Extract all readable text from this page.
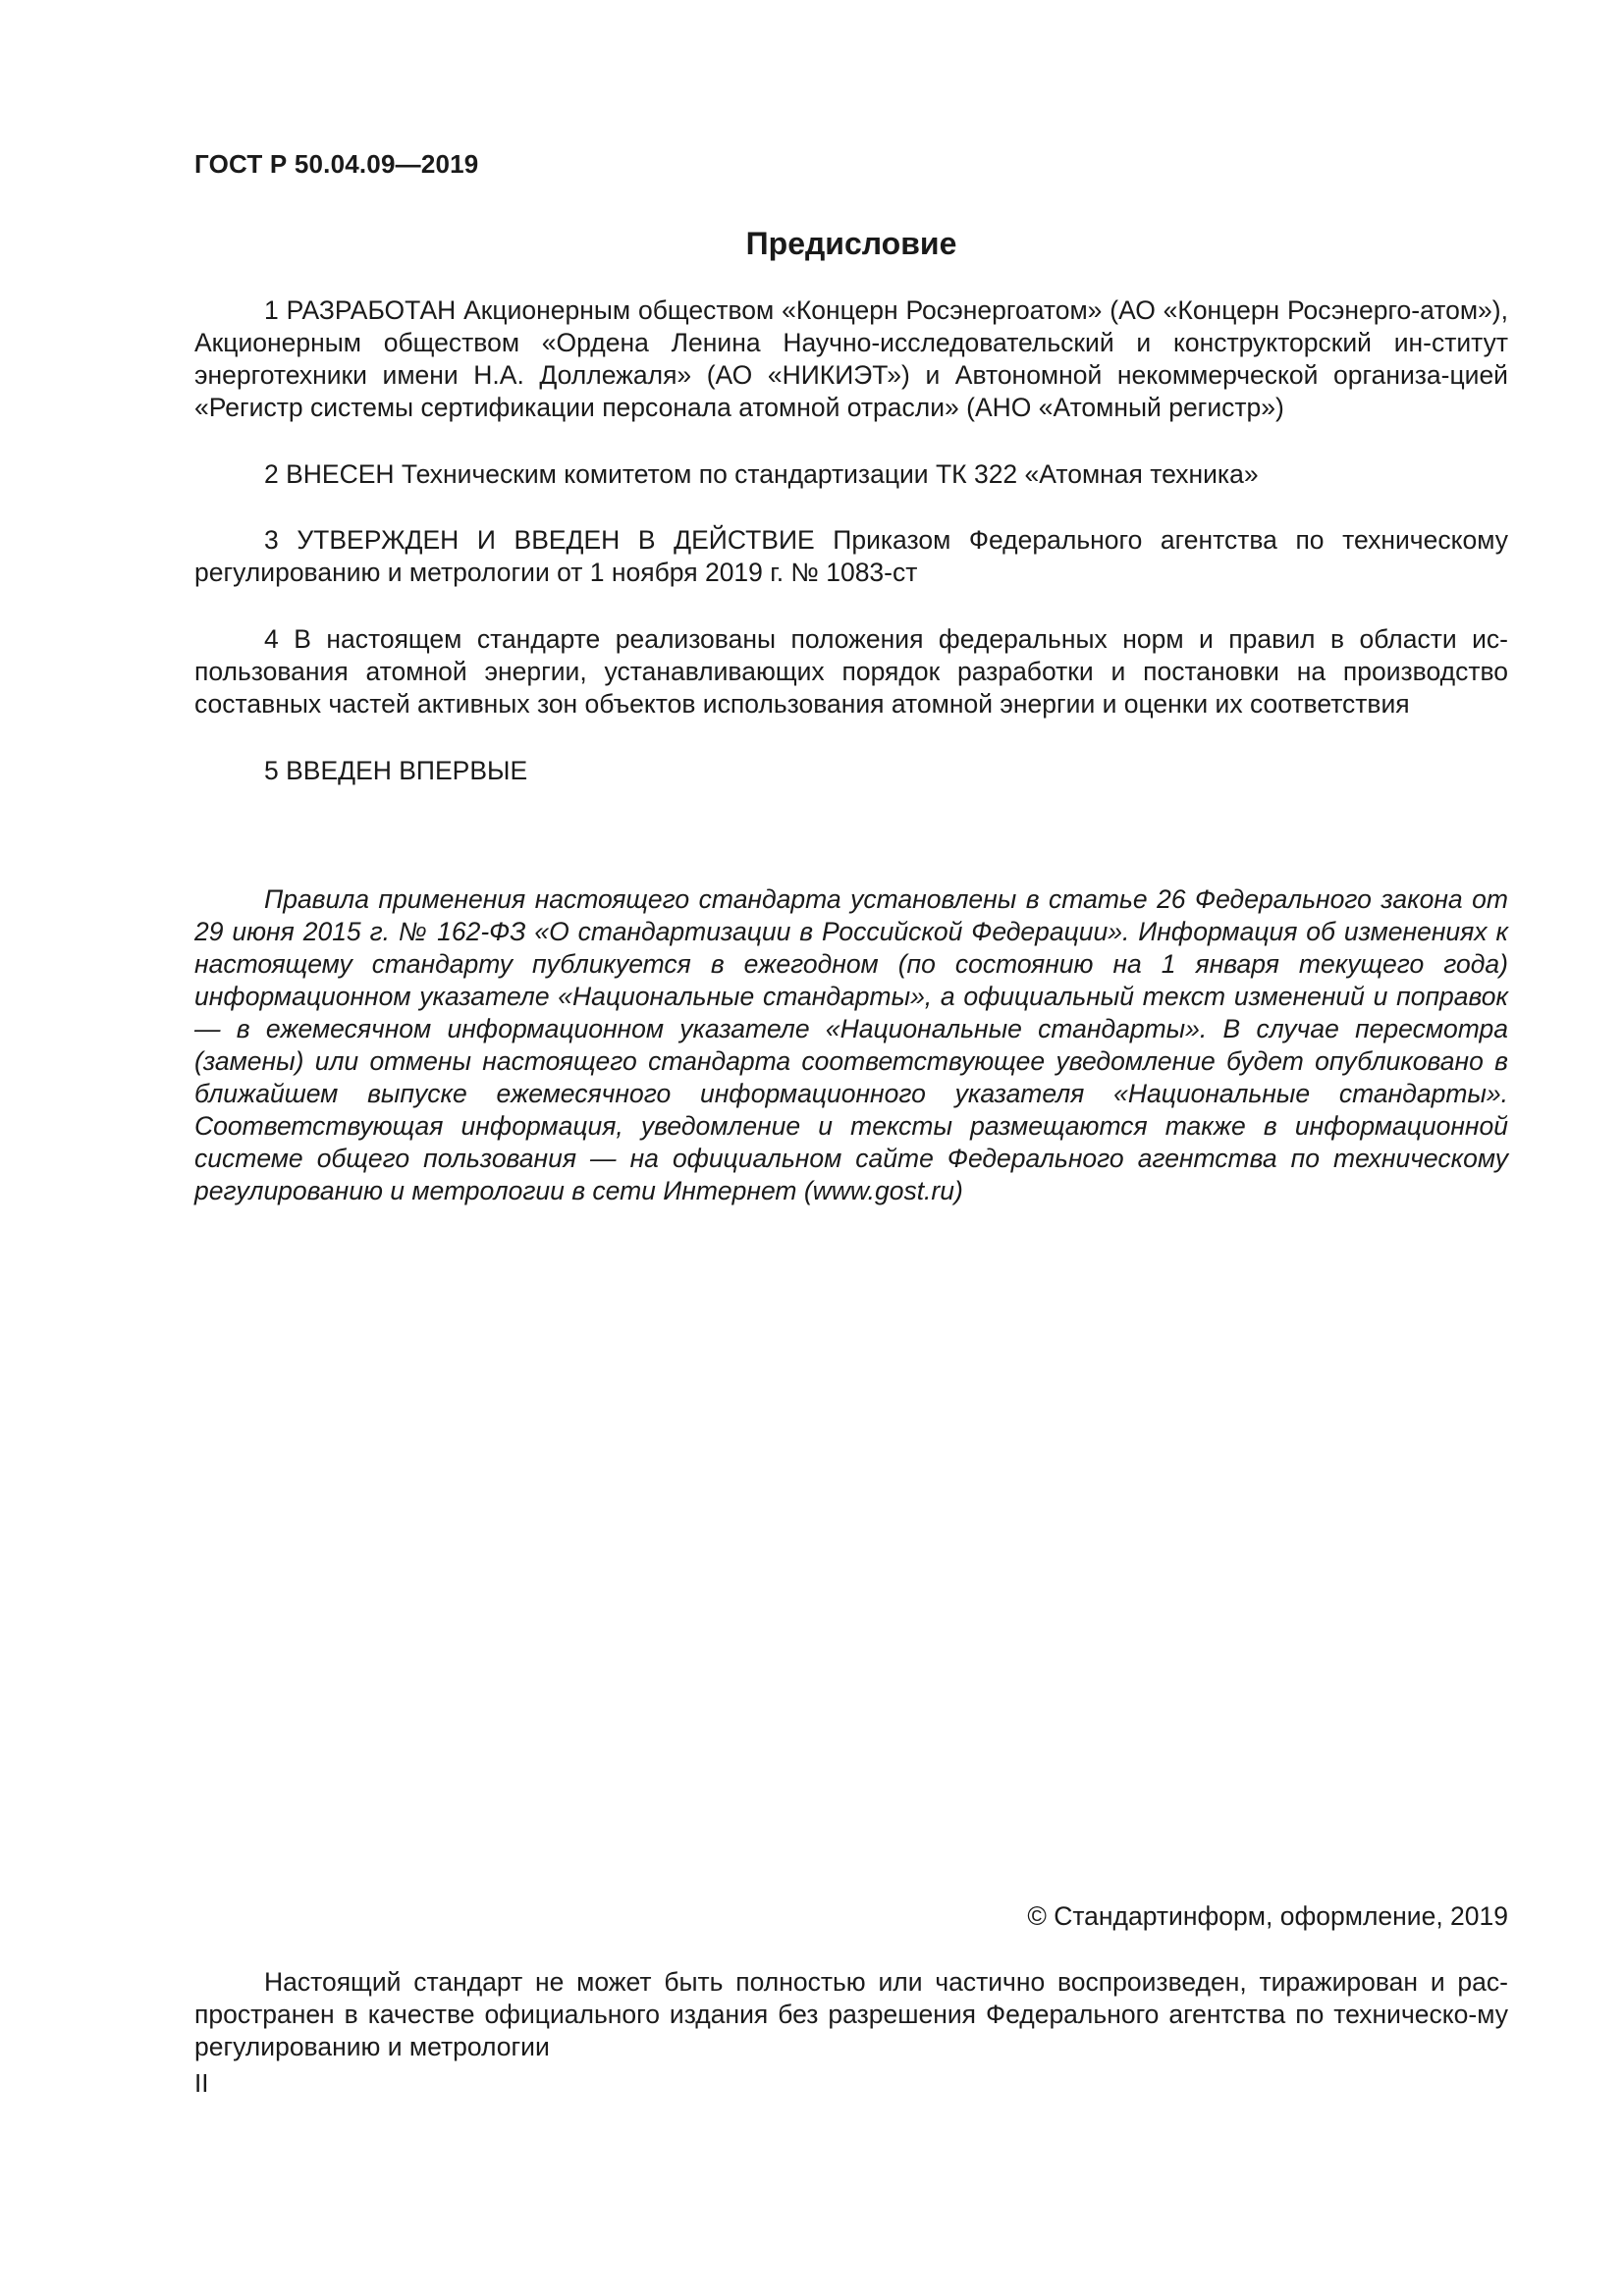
ГОСТ Р 50.04.09—2019
Предисловие

1 РАЗРАБОТАН Акционерным обществом «Концерн Росэнергоатом» (АО «Концерн Росэнерго-атом»), Акционерным обществом «Ордена Ленина Научно-исследовательский и конструкторский ин-ститут энерготехники имени Н.А. Доллежаля» (АО «НИКИЭТ») и Автономной некоммерческой организа-цией «Регистр системы сертификации персонала атомной отрасли» (АНО «Атомный регистр»)

2 ВНЕСЕН Техническим комитетом по стандартизации ТК 322 «Атомная техника»

3 УТВЕРЖДЕН И ВВЕДЕН В ДЕЙСТВИЕ Приказом Федерального агентства по техническому регулированию и метрологии от 1 ноября 2019 г. № 1083-ст

4 В настоящем стандарте реализованы положения федеральных норм и правил в области ис-пользования атомной энергии, устанавливающих порядок разработки и постановки на производство составных частей активных зон объектов использования атомной энергии и оценки их соответствия

5 ВВЕДЕН ВПЕРВЫЕ

Правила применения настоящего стандарта установлены в статье 26 Федерального закона от 29 июня 2015 г. № 162-ФЗ «О стандартизации в Российской Федерации». Информация об изменениях к настоящему стандарту публикуется в ежегодном (по состоянию на 1 января текущего года) информационном указателе «Национальные стандарты», а официальный текст изменений и поправок — в ежемесячном информационном указателе «Национальные стандарты». В случае пересмотра (замены) или отмены настоящего стандарта соответствующее уведомление будет опубликовано в ближайшем выпуске ежемесячного информационного указателя «Национальные стандарты». Соответствующая информация, уведомление и тексты размещаются также в информационной системе общего пользования — на официальном сайте Федерального агентства по техническому регулированию и метрологии в сети Интернет (www.gost.ru)

© Стандартинформ, оформление, 2019

Настоящий стандарт не может быть полностью или частично воспроизведен, тиражирован и рас-пространен в качестве официального издания без разрешения Федерального агентства по техническо-му регулированию и метрологии

II
